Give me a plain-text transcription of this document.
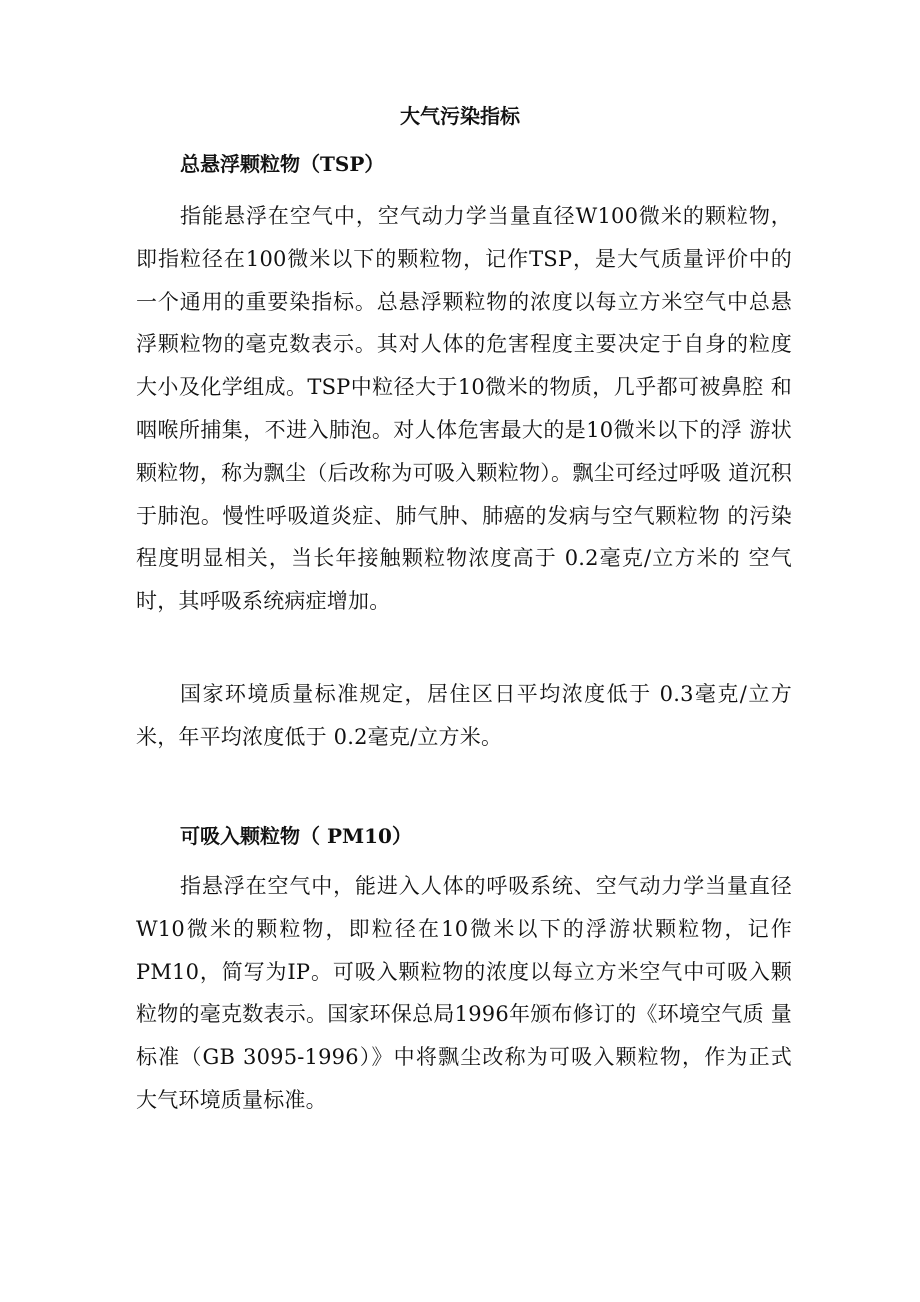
大气污染指标
总悬浮颗粒物（TSP）

指能悬浮在空气中，空气动力学当量直径W100微米的颗粒物， 即指粒径在100微米以下的颗粒物，记作TSP，是大气质量评价中的 一个通用的重要染指标。总悬浮颗粒物的浓度以每立方米空气中总悬 浮颗粒物的毫克数表示。其对人体的危害程度主要决定于自身的粒度 大小及化学组成。TSP中粒径大于10微米的物质，几乎都可被鼻腔 和咽喉所捕集，不进入肺泡。对人体危害最大的是10微米以下的浮 游状颗粒物，称为飘尘（后改称为可吸入颗粒物）。飘尘可经过呼吸 道沉积于肺泡。慢性呼吸道炎症、肺气肿、肺癌的发病与空气颗粒物 的污染程度明显相关，当长年接触颗粒物浓度高于 0.2毫克/立方米的 空气时，其呼吸系统病症增加。

国家环境质量标准规定，居住区日平均浓度低于 0.3毫克/立方 米，年平均浓度低于 0.2毫克/立方米。

可吸入颗粒物（ PM10）

指悬浮在空气中，能进入人体的呼吸系统、空气动力学当量直径 W10微米的颗粒物，即粒径在10微米以下的浮游状颗粒物，记作 PM10，简写为IP。可吸入颗粒物的浓度以每立方米空气中可吸入颗 粒物的毫克数表示。国家环保总局1996年颁布修订的《环境空气质 量标准（GB 3095-1996）》中将飘尘改称为可吸入颗粒物，作为正式 大气环境质量标准。
